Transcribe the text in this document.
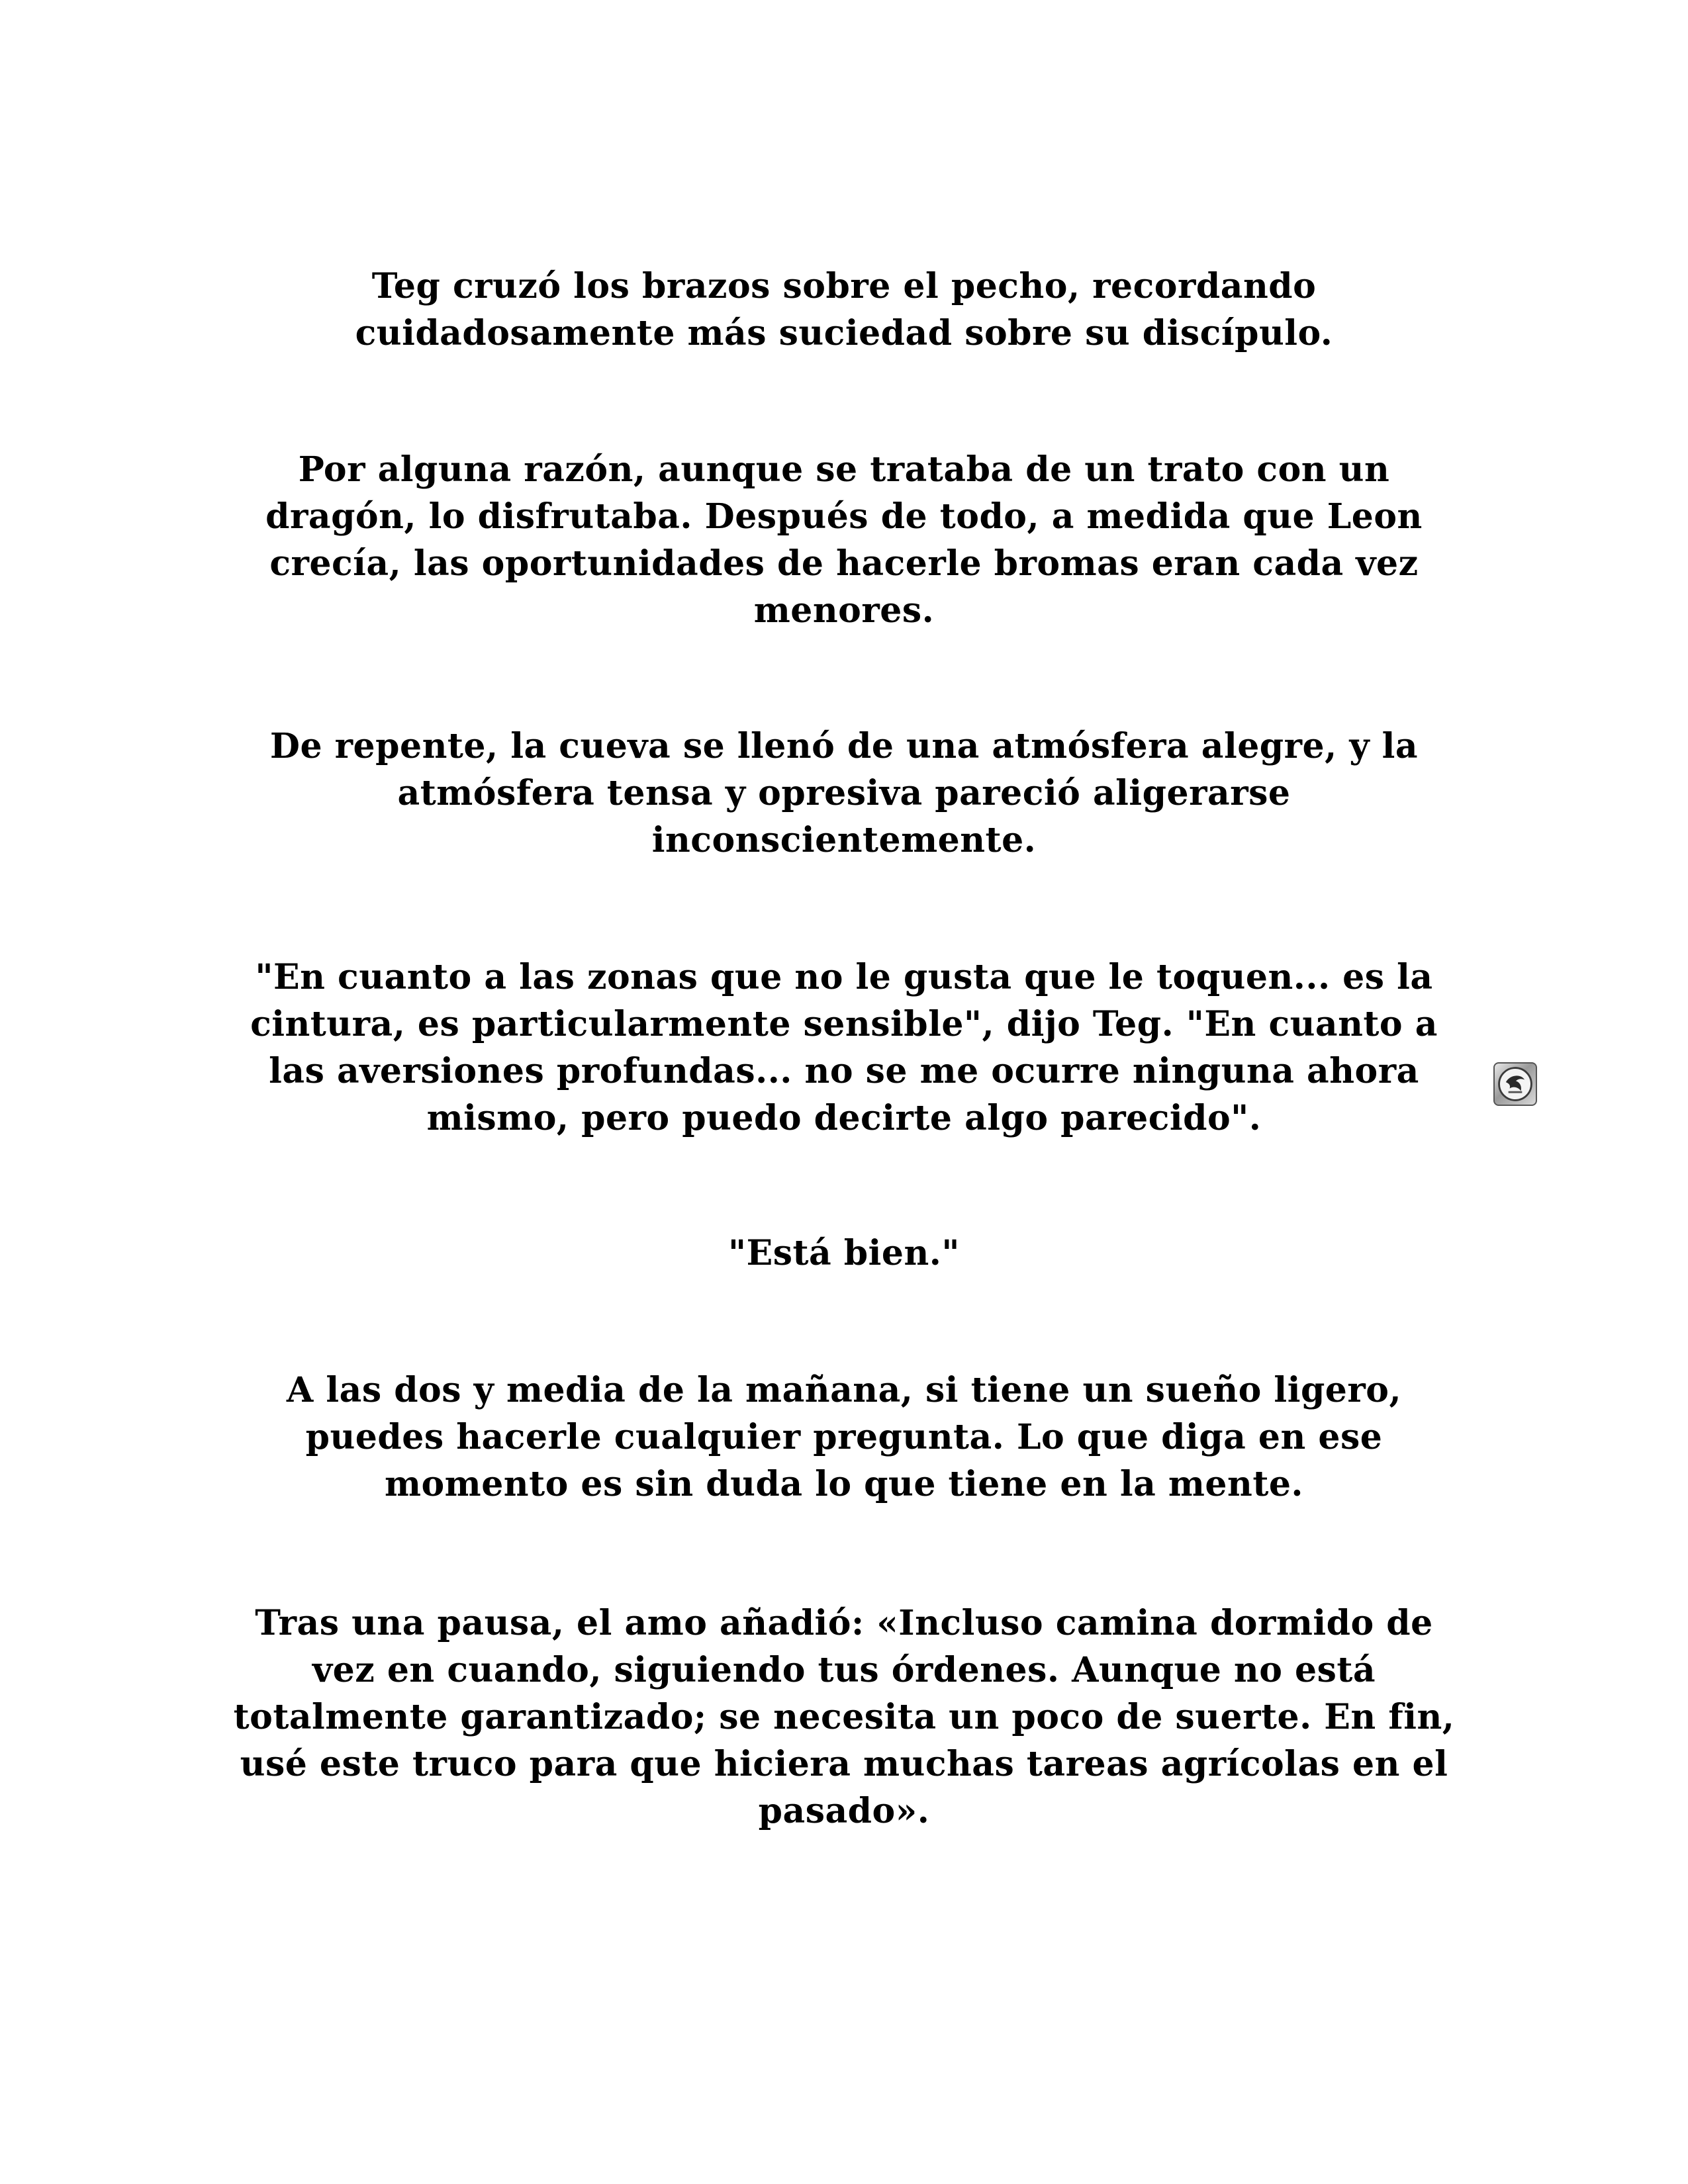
Teg cruzó los brazos sobre el pecho, recordando cuidadosamente más suciedad sobre su discípulo.
Por alguna razón, aunque se trataba de un trato con un dragón, lo disfrutaba. Después de todo, a medida que Leon crecía, las oportunidades de hacerle bromas eran cada vez menores.
De repente, la cueva se llenó de una atmósfera alegre, y la atmósfera tensa y opresiva pareció aligerarse inconscientemente.
"En cuanto a las zonas que no le gusta que le toquen... es la cintura, es particularmente sensible", dijo Teg. "En cuanto a las aversiones profundas... no se me ocurre ninguna ahora mismo, pero puedo decirte algo parecido".
"Está bien."
A las dos y media de la mañana, si tiene un sueño ligero, puedes hacerle cualquier pregunta. Lo que diga en ese momento es sin duda lo que tiene en la mente.
Tras una pausa, el amo añadió: «Incluso camina dormido de vez en cuando, siguiendo tus órdenes. Aunque no está totalmente garantizado; se necesita un poco de suerte. En fin, usé este truco para que hiciera muchas tareas agrícolas en el pasado».
